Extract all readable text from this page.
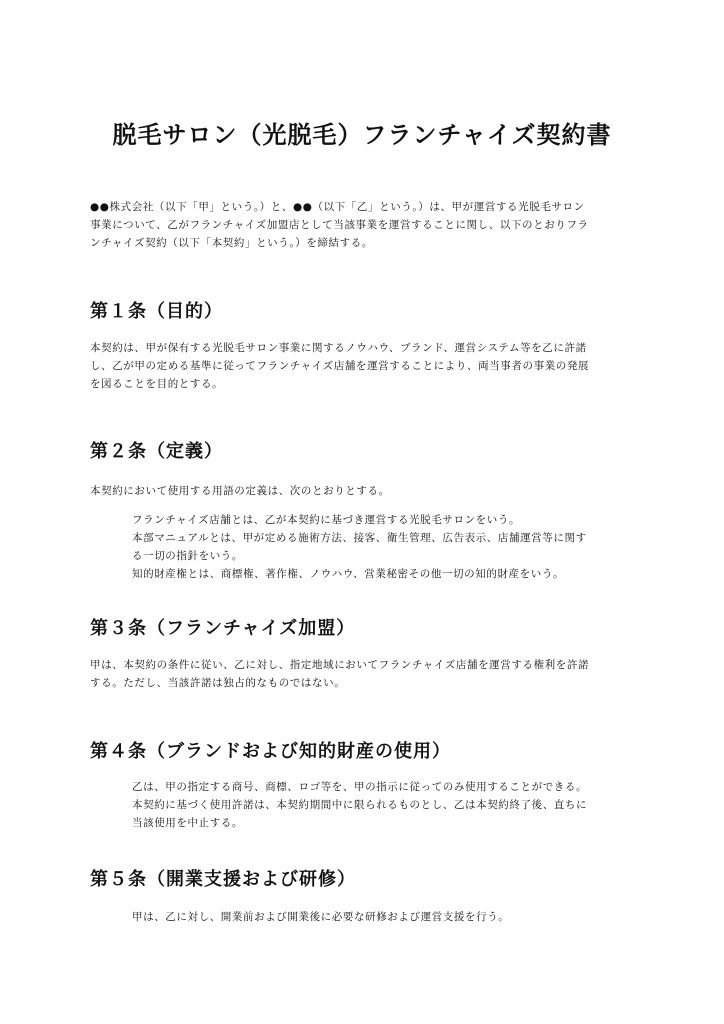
脱毛サロン（光脱毛）フランチャイズ契約書

●●株式会社（以下「甲」という。）と、●●（以下「乙」という。）は、甲が運営する光脱毛サロン
事業について、乙がフランチャイズ加盟店として当該事業を運営することに関し、以下のとおりフラ
ンチャイズ契約（以下「本契約」という。）を締結する。

第１条（目的）

本契約は、甲が保有する光脱毛サロン事業に関するノウハウ、ブランド、運営システム等を乙に許諾
し、乙が甲の定める基準に従ってフランチャイズ店舗を運営することにより、両当事者の事業の発展
を図ることを目的とする。

第２条（定義）

本契約において使用する用語の定義は、次のとおりとする。

フランチャイズ店舗とは、乙が本契約に基づき運営する光脱毛サロンをいう。
本部マニュアルとは、甲が定める施術方法、接客、衛生管理、広告表示、店舗運営等に関す
る一切の指針をいう。
知的財産権とは、商標権、著作権、ノウハウ、営業秘密その他一切の知的財産をいう。
第３条（フランチャイズ加盟）

甲は、本契約の条件に従い、乙に対し、指定地域においてフランチャイズ店舗を運営する権利を許諾
する。ただし、当該許諾は独占的なものではない。

第４条（ブランドおよび知的財産の使用）

乙は、甲の指定する商号、商標、ロゴ等を、甲の指示に従ってのみ使用することができる。
本契約に基づく使用許諾は、本契約期間中に限られるものとし、乙は本契約終了後、直ちに
当該使用を中止する。

第５条（開業支援および研修）

甲は、乙に対し、開業前および開業後に必要な研修および運営支援を行う。
